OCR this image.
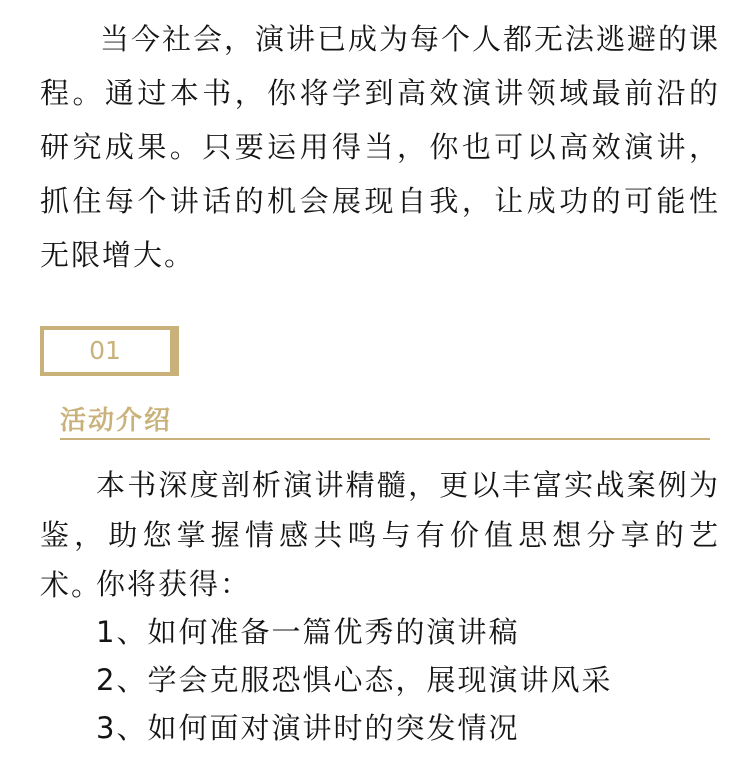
当今社会，演讲已成为每个人都无法逃避的课程。通过本书，你将学到高效演讲领域最前沿的研究成果。只要运用得当，你也可以高效演讲，抓住每个讲话的机会展现自我，让成功的可能性无限增大。

01
活动介绍

本书深度剖析演讲精髓，更以丰富实战案例为鉴，助您掌握情感共鸣与有价值思想分享的艺术。

你将获得：
1、如何准备一篇优秀的演讲稿
2、学会克服恐惧心态，展现演讲风采
3、如何面对演讲时的突发情况
